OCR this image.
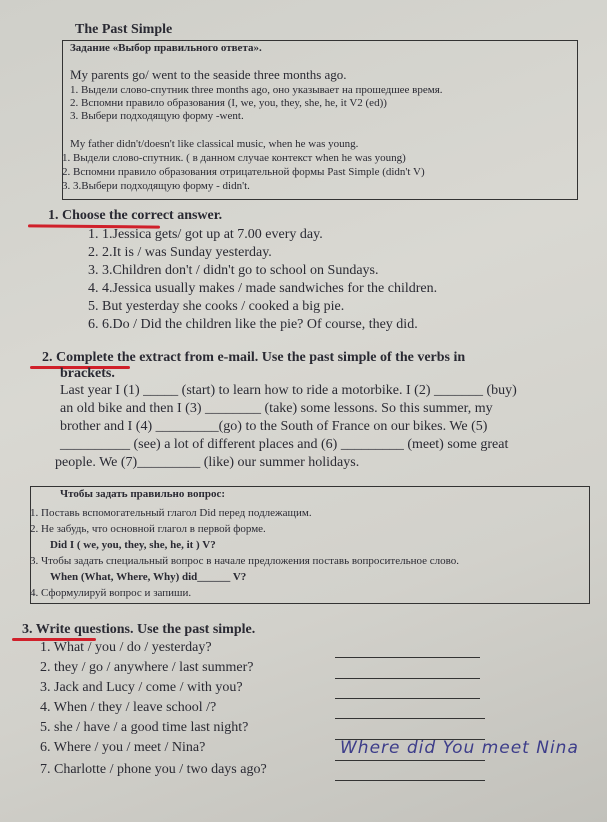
The Past Simple
Задание «Выбор правильного ответа».
My parents go/ went to the seaside three months ago.
1. Выдели слово-спутник three months ago, оно указывает на прошедшее время.
2. Вспомни правило образования (I, we, you, they, she, he, it V2 (ed))
3. Выбери подходящую форму -went.
My father didn't/doesn't like classical music, when he was young.
1. Выдели слово-спутник. ( в данном случае контекст when he was young)
2. Вспомни правило образования отрицательной формы Past Simple (didn't V)
3. 3.Выбери подходящую форму - didn't.
1. Choose the correct answer.
1. 1.Jessica gets/ got up at 7.00 every day.
2. 2.It is / was Sunday yesterday.
3. 3.Children don't / didn't go to school on Sundays.
4. 4.Jessica usually makes / made sandwiches for the children.
5. But yesterday she cooks / cooked a big pie.
6. 6.Do / Did the children like the pie? Of course, they did.
2. Complete the extract from e-mail. Use the past simple of the verbs in
brackets.
Last year I (1) _____ (start) to learn how to ride a motorbike. I (2) _______ (buy)
an old bike and then I (3) ________ (take) some lessons. So this summer, my
brother and I (4) _________(go) to the South of France on our bikes. We (5)
__________ (see) a lot of different places and (6) _________ (meet) some great
people. We (7)_________ (like) our summer holidays.
Чтобы задать правильно вопрос:
1. Поставь вспомогательный глагол Did перед подлежащим.
2. Не забудь, что основной глагол в первой форме.
Did I ( we, you, they, she, he, it ) V?
3. Чтобы задать специальный вопрос в начале предложения поставь вопросительное слово.
When (What, Where, Why) did______ V?
4. Сформулируй вопрос и запиши.
3. Write questions. Use the past simple.
1. What / you / do / yesterday?
2. they / go / anywhere / last summer?
3. Jack and Lucy / come / with you?
4. When / they / leave school /?
5. she / have / a good time last night?
6. Where / you / meet / Nina?
7. Charlotte / phone you / two days ago?
Where did You meet Nina
